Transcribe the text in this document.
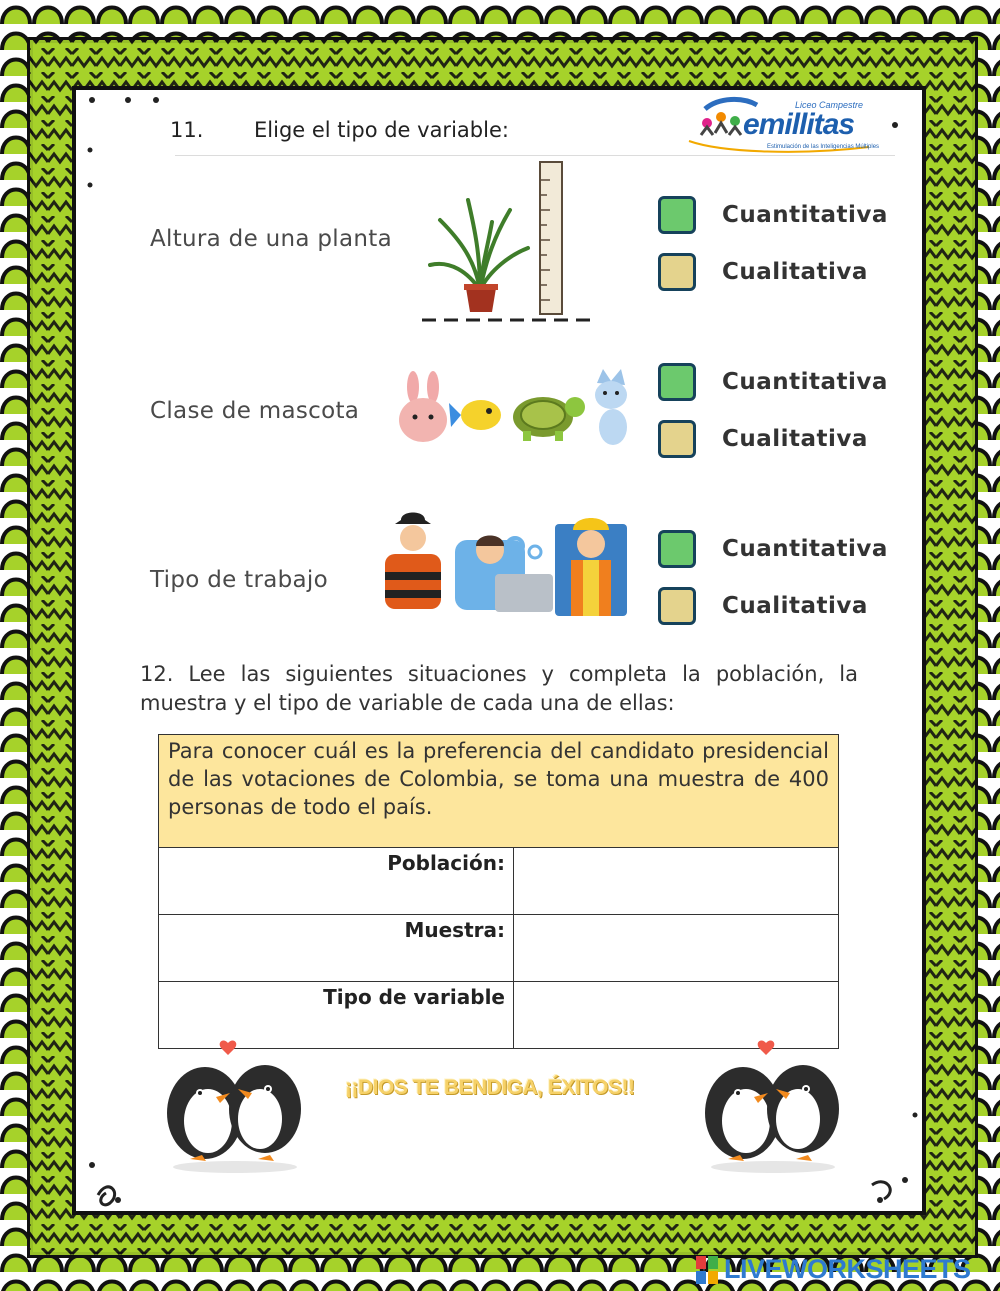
Liceo Campestre
emillitas
Estimulación de las Inteligencias Múltiples
11. Elige el tipo de variable:
Altura de una planta
Cuantitativa
Cualitativa
Clase de mascota
Cuantitativa
Cualitativa
Tipo de trabajo
Cuantitativa
Cualitativa
12. Lee las siguientes situaciones y completa la población, la muestra y el tipo de variable de cada una de ellas:
Para conocer cuál es la preferencia del candidato presidencial de las votaciones de Colombia, se toma una muestra de 400 personas de todo el país.	
Población:	
Muestra:	
Tipo de variable	
¡¡DIOS TE BENDIGA, ÉXITOS!!
LIVEWORKSHEETS
